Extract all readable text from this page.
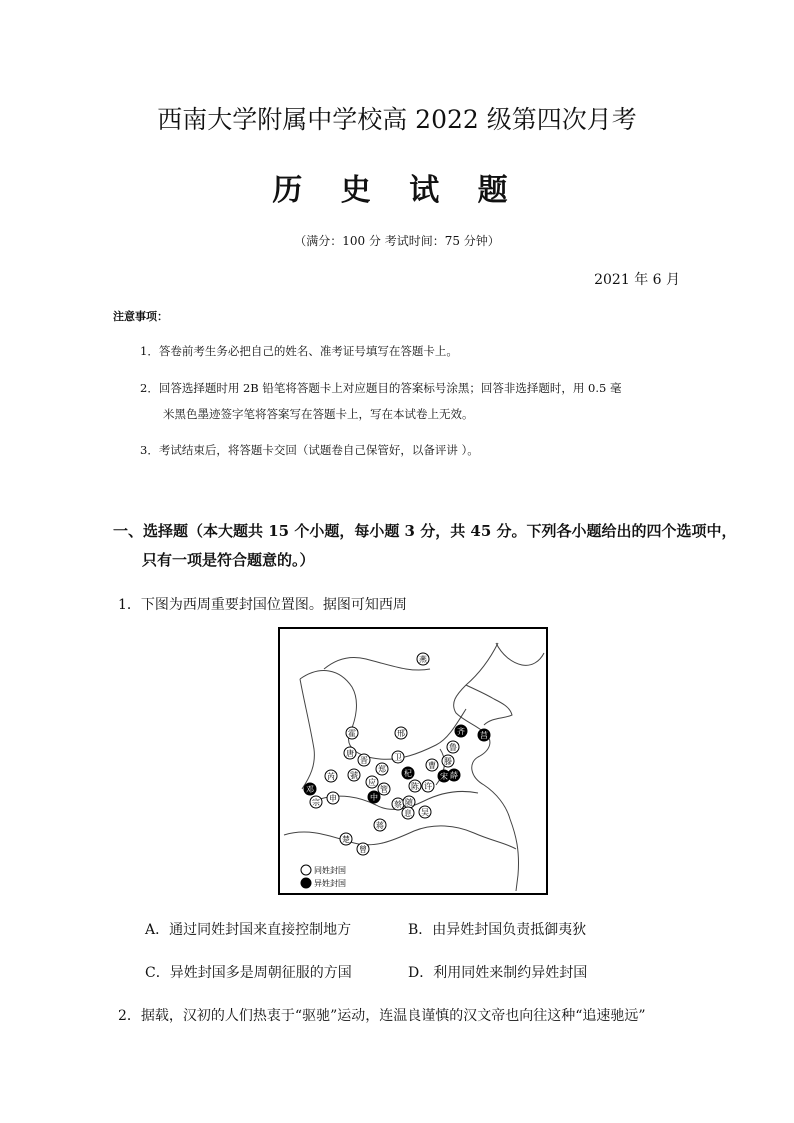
西南大学附属中学校高 2022 级第四次月考
历 史 试 题
（满分：100 分 考试时间：75 分钟）
2021 年 6 月
注意事项：
1．答卷前考生务必把自己的姓名、准考证号填写在答题卡上。
2．回答选择题时用 2B 铅笔将答题卡上对应题目的答案标号涂黑；回答非选择题时，用 0.5 毫
米黑色墨迹签字笔将答案写在答题卡上，写在本试卷上无效。
3．考试结束后，将答题卡交回（试题卷自己保管好，以备评讲 ）。
一、选择题（本大题共 15 个小题，每小题 3 分，共 45 分。下列各小题给出的四个选项中，
只有一项是符合题意的。）
1．下图为西周重要封国位置图。据图可知西周
燕
邢
晋	卫
虢
应
管
蔡
鲁
曹 滕
郑
陈 许
随
芮
唐
楚
曾
息
蒋
申
宗
霍
吴
齐 莒
宋
杞	薛
邓
中
同姓封国
异姓封国
A．通过同姓封国来直接控制地方	B．由异姓封国负责抵御夷狄
C．异姓封国多是周朝征服的方国	D．利用同姓来制约异姓封国
2．据载，汉初的人们热衷于“驱驰”运动，连温良谨慎的汉文帝也向往这种“追速驰远”
